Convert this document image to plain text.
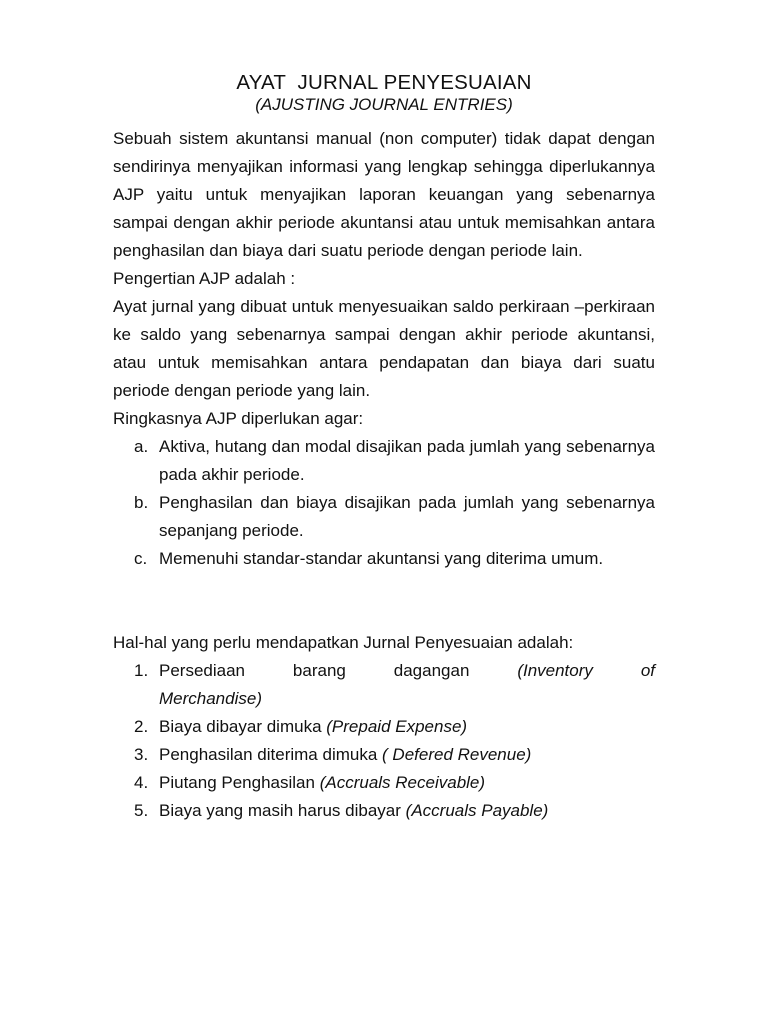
AYAT  JURNAL PENYESUAIAN
(AJUSTING JOURNAL ENTRIES)

Sebuah sistem akuntansi manual (non computer) tidak dapat dengan sendirinya menyajikan informasi yang lengkap sehingga diperlukannya AJP yaitu untuk menyajikan laporan keuangan yang sebenarnya sampai dengan akhir periode akuntansi atau untuk memisahkan antara penghasilan dan biaya dari suatu periode dengan periode lain.

Pengertian AJP adalah :

Ayat jurnal yang dibuat untuk menyesuaikan saldo perkiraan –perkiraan ke saldo yang sebenarnya sampai dengan akhir periode akuntansi, atau untuk memisahkan antara pendapatan dan biaya dari suatu periode dengan periode yang lain.

Ringkasnya AJP diperlukan agar:

a. Aktiva, hutang dan modal disajikan pada jumlah yang sebenarnya pada akhir periode.
b. Penghasilan dan biaya disajikan pada jumlah yang sebenarnya sepanjang periode.
c. Memenuhi standar-standar akuntansi yang diterima umum.

Hal-hal yang perlu mendapatkan Jurnal Penyesuaian adalah:

1. Persediaan	barang	dagangan	(Inventory	of
Merchandise)
2. Biaya dibayar dimuka (Prepaid Expense)
3. Penghasilan diterima dimuka ( Defered Revenue)
4. Piutang Penghasilan (Accruals Receivable)
5. Biaya yang masih harus dibayar (Accruals Payable)
